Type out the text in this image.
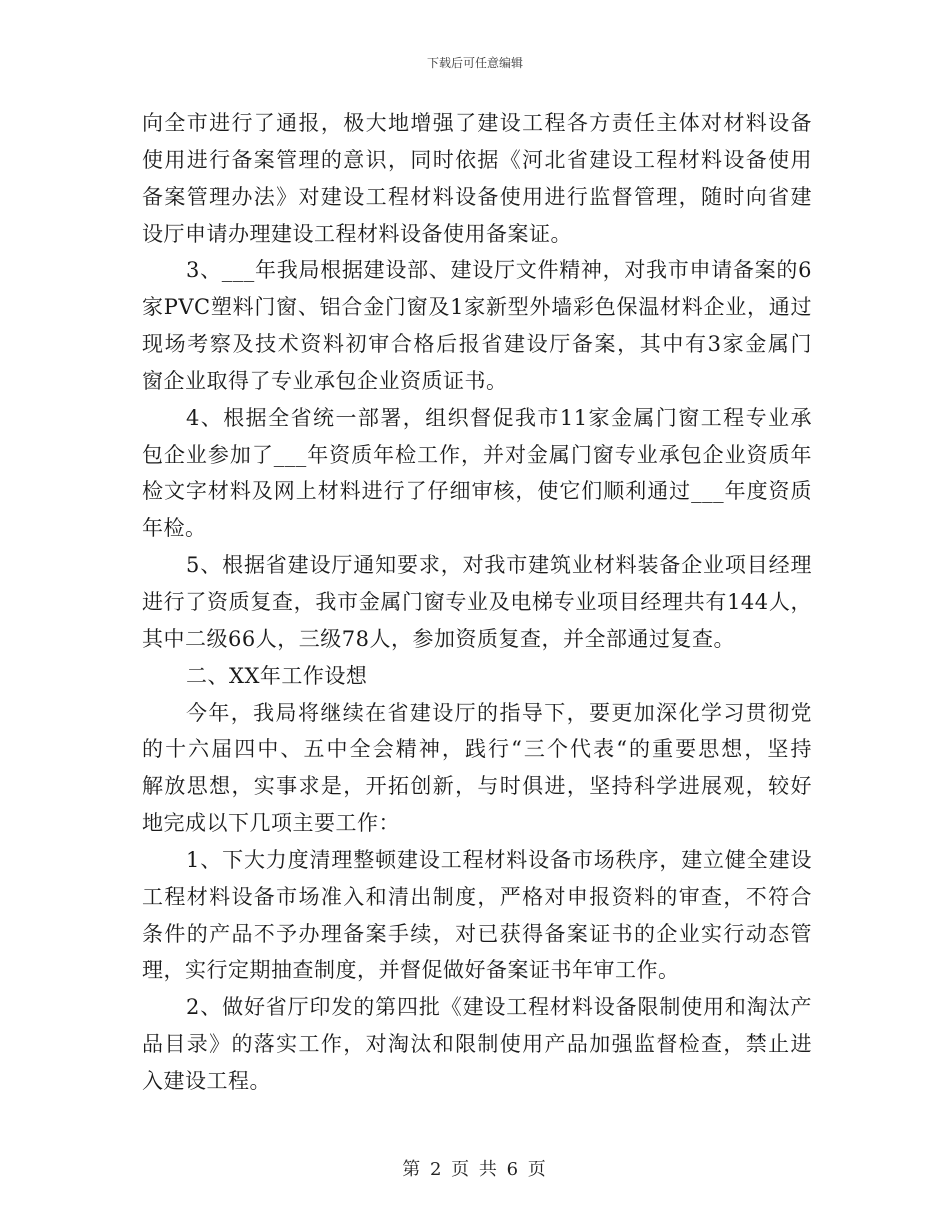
下载后可任意编辑
向全市进行了通报，极大地增强了建设工程各方责任主体对材料设备
使用进行备案管理的意识，同时依据《河北省建设工程材料设备使用
备案管理办法》对建设工程材料设备使用进行监督管理，随时向省建
设厅申请办理建设工程材料设备使用备案证。
3、___年我局根据建设部、建设厅文件精神，对我市申请备案的6
家PVC塑料门窗、铝合金门窗及1家新型外墙彩色保温材料企业，通过
现场考察及技术资料初审合格后报省建设厅备案，其中有3家金属门
窗企业取得了专业承包企业资质证书。
4、根据全省统一部署，组织督促我市11家金属门窗工程专业承
包企业参加了___年资质年检工作，并对金属门窗专业承包企业资质年
检文字材料及网上材料进行了仔细审核，使它们顺利通过___年度资质
年检。
5、根据省建设厅通知要求，对我市建筑业材料装备企业项目经理
进行了资质复查，我市金属门窗专业及电梯专业项目经理共有144人，
其中二级66人，三级78人，参加资质复查，并全部通过复查。
二、XX年工作设想
今年，我局将继续在省建设厅的指导下，要更加深化学习贯彻党
的十六届四中、五中全会精神，践行“三个代表“的重要思想，坚持
解放思想，实事求是，开拓创新，与时俱进，坚持科学进展观，较好
地完成以下几项主要工作：
1、下大力度清理整顿建设工程材料设备市场秩序，建立健全建设
工程材料设备市场准入和清出制度，严格对申报资料的审查，不符合
条件的产品不予办理备案手续，对已获得备案证书的企业实行动态管
理，实行定期抽查制度，并督促做好备案证书年审工作。
2、做好省厅印发的第四批《建设工程材料设备限制使用和淘汰产
品目录》的落实工作，对淘汰和限制使用产品加强监督检查，禁止进
入建设工程。
第 2 页 共 6 页
